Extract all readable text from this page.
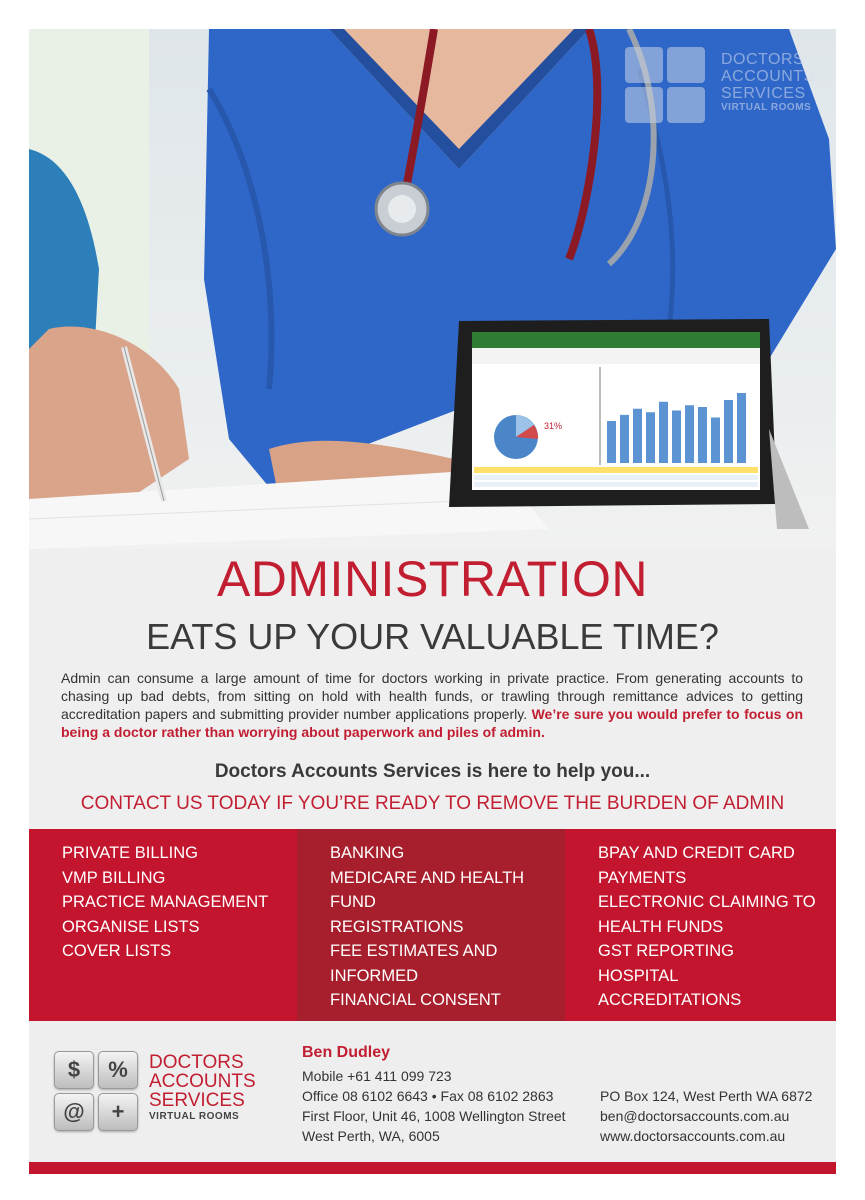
31%
DOCTORS
ACCOUNTS
SERVICES
VIRTUAL ROOMS
ADMINISTRATION
EATS UP YOUR VALUABLE TIME?
Admin can consume a large amount of time for doctors working in private practice. From generating accounts to chasing up bad debts, from sitting on hold with health funds, or trawling through remittance advices to getting accreditation papers and submitting provider number applications properly. We’re sure you would prefer to focus on being a doctor rather than worrying about paperwork and piles of admin.
Doctors Accounts Services is here to help you...
CONTACT US TODAY IF YOU’RE READY TO REMOVE THE BURDEN OF ADMIN
PRIVATE BILLING
VMP BILLING
PRACTICE MANAGEMENT
ORGANISE LISTS
COVER LISTS
BANKING
MEDICARE AND HEALTH
FUND
REGISTRATIONS
FEE ESTIMATES AND
INFORMED
FINANCIAL CONSENT
BPAY AND CREDIT CARD
PAYMENTS
ELECTRONIC CLAIMING TO
HEALTH FUNDS
GST REPORTING
HOSPITAL
ACCREDITATIONS
$	%
@	+
DOCTORS
ACCOUNTS
SERVICES
VIRTUAL ROOMS
Ben Dudley
Mobile +61 411 099 723
Office 08 6102 6643 • Fax 08 6102 2863
First Floor, Unit 46, 1008 Wellington Street
West Perth, WA, 6005
PO Box 124, West Perth WA 6872
ben@doctorsaccounts.com.au
www.doctorsaccounts.com.au
